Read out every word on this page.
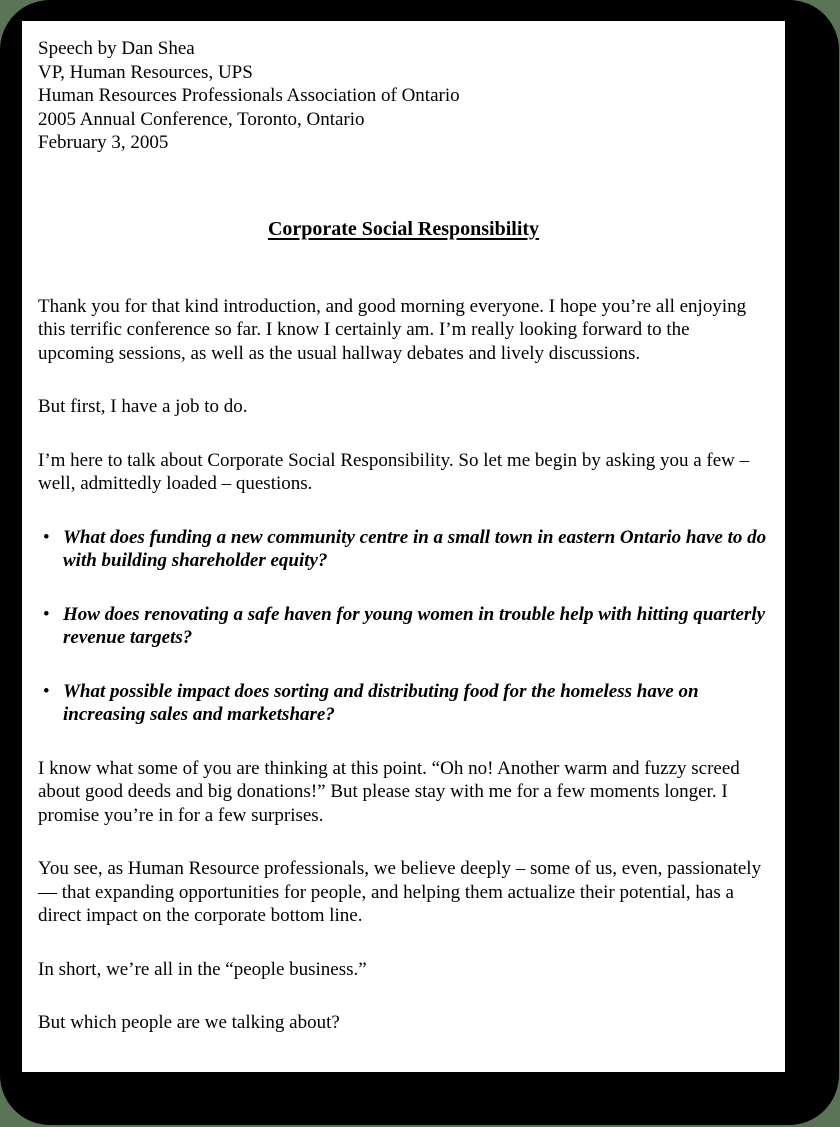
Speech by Dan Shea

VP, Human Resources, UPS

Human Resources Professionals Association of Ontario

2005 Annual Conference, Toronto, Ontario

February 3, 2005

Corporate Social Responsibility

Thank you for that kind introduction, and good morning everyone. I hope you’re all enjoying this terrific conference so far. I know I certainly am. I’m really looking forward to the upcoming sessions, as well as the usual hallway debates and lively discussions.

But first, I have a job to do.

I’m here to talk about Corporate Social Responsibility. So let me begin by asking you a few – well, admittedly loaded – questions.

• What does funding a new community centre in a small town in eastern Ontario have to do with building shareholder equity?
• How does renovating a safe haven for young women in trouble help with hitting quarterly revenue targets?
• What possible impact does sorting and distributing food for the homeless have on increasing sales and marketshare?

I know what some of you are thinking at this point. “Oh no! Another warm and fuzzy screed about good deeds and big donations!” But please stay with me for a few moments longer. I promise you’re in for a few surprises.

You see, as Human Resource professionals, we believe deeply – some of us, even, passionately — that expanding opportunities for people, and helping them actualize their potential, has a direct impact on the corporate bottom line.

In short, we’re all in the “people business.”

But which people are we talking about?
